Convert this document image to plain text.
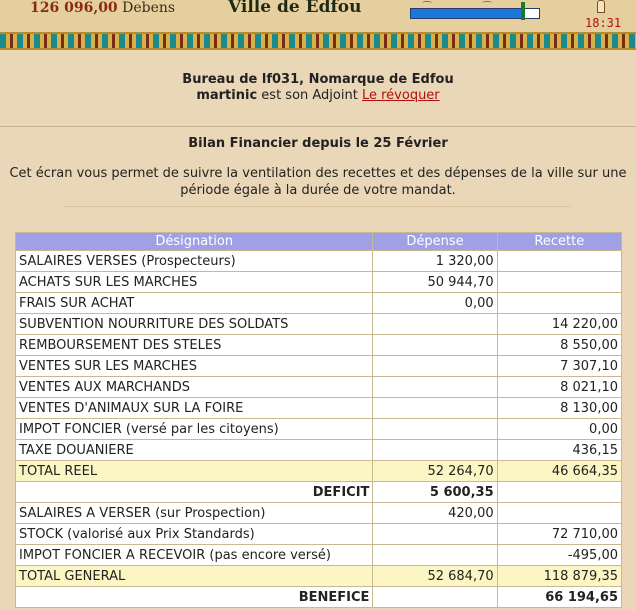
126 096,00 Debens	Ville de Edfou
18:31
Bureau de lf031, Nomarque de Edfou
martinic est son Adjoint Le révoquer
Bilan Financier depuis le 25 Février
Cet écran vous permet de suivre la ventilation des recettes et des dépenses de la ville sur une période égale à la durée de votre mandat.
Désignation	Dépense	Recette
SALAIRES VERSES (Prospecteurs)	1 320,00	
ACHATS SUR LES MARCHES	50 944,70	
FRAIS SUR ACHAT	0,00	
SUBVENTION NOURRITURE DES SOLDATS		14 220,00
REMBOURSEMENT DES STELES		8 550,00
VENTES SUR LES MARCHES		7 307,10
VENTES AUX MARCHANDS		8 021,10
VENTES D'ANIMAUX SUR LA FOIRE		8 130,00
IMPOT FONCIER (versé par les citoyens)		0,00
TAXE DOUANIERE		436,15
TOTAL REEL	52 264,70	46 664,35
DEFICIT	5 600,35	
SALAIRES A VERSER (sur Prospection)	420,00	
STOCK (valorisé aux Prix Standards)		72 710,00
IMPOT FONCIER A RECEVOIR (pas encore versé)		-495,00
TOTAL GENERAL	52 684,70	118 879,35
BENEFICE		66 194,65
